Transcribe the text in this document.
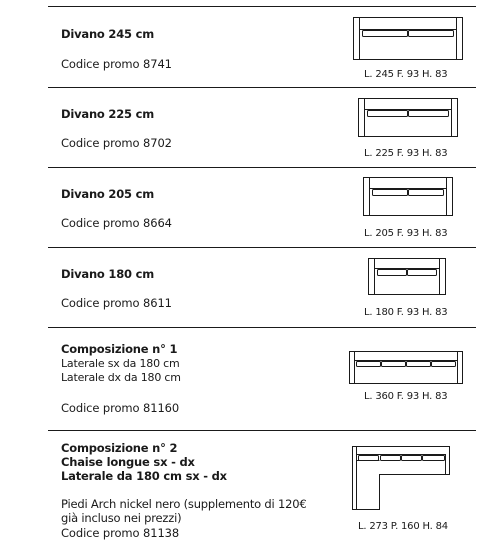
Divano 245 cm
Codice promo 8741
L. 245 F. 93 H. 83
Divano 225 cm
Codice promo 8702
L. 225 F. 93 H. 83
Divano 205 cm
Codice promo 8664
L. 205 F. 93 H. 83
Divano 180 cm
Codice promo 8611
L. 180 F. 93 H. 83
Composizione n° 1
Laterale sx da 180 cm
Laterale dx da 180 cm
Codice promo 81160
L. 360 F. 93 H. 83
Composizione n° 2
Chaise longue sx - dx
Laterale da 180 cm sx - dx
Piedi Arch nickel nero (supplemento di 120€
già incluso nei prezzi)
Codice promo 81138	L. 273 P. 160 H. 84
